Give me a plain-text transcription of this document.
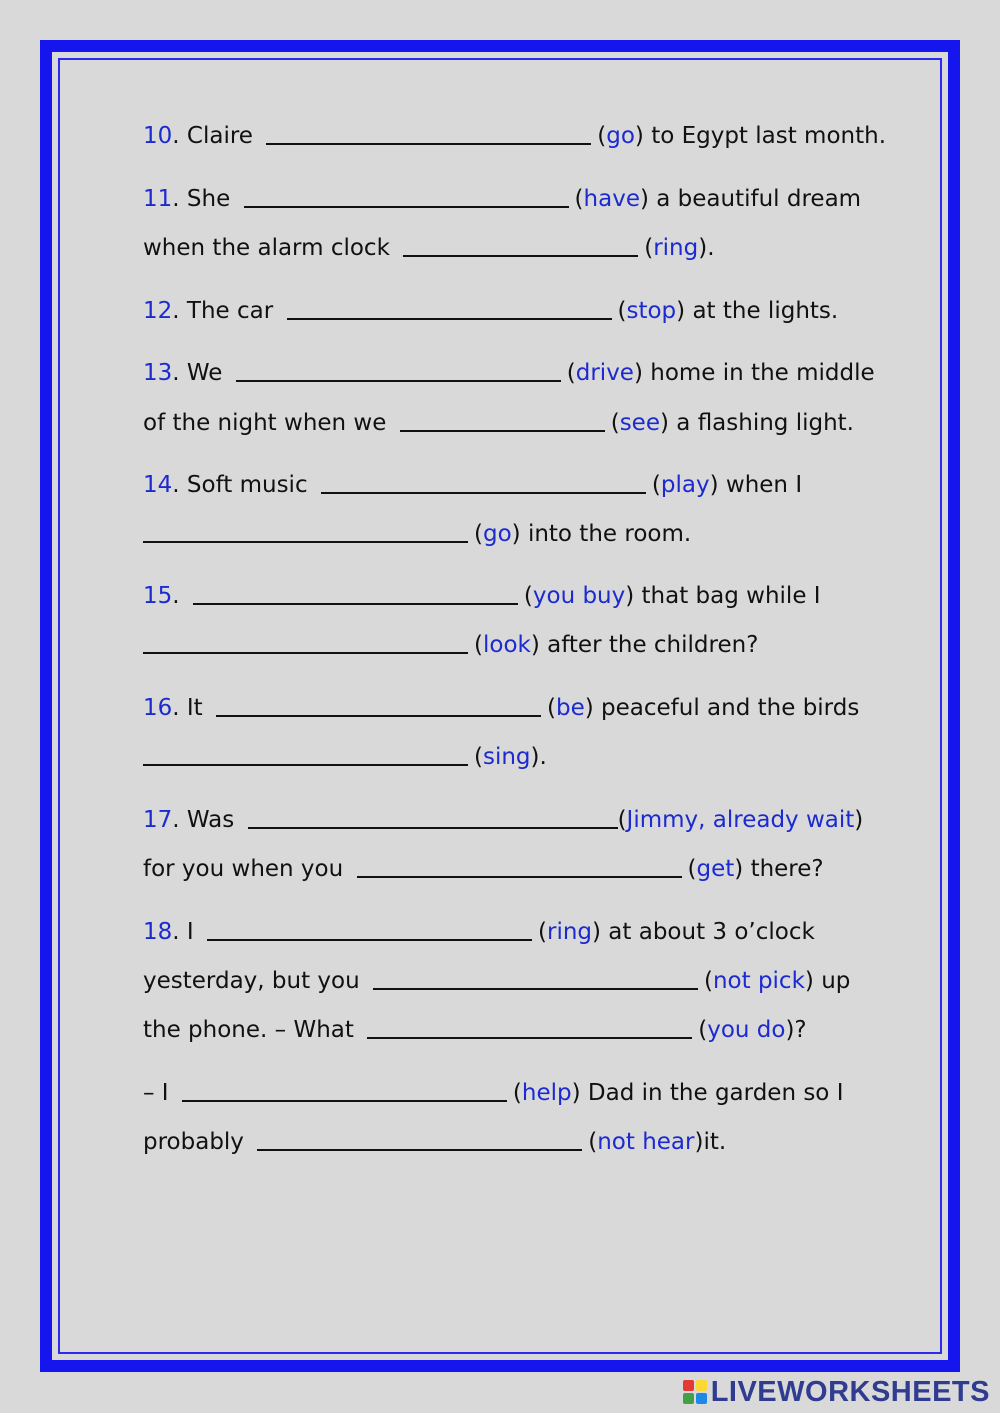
10. Claire	(go) to Egypt last month.
11. She	(have) a beautiful dream
when the alarm clock	(ring).
12. The car	(stop) at the lights.
13. We	(drive) home in the middle
of the night when we	(see) a flashing light.
14. Soft music	(play) when I
(go) into the room.
15.	(you buy) that bag while I
(look) after the children?
16. It	(be) peaceful and the birds
(sing).
17. Was	(Jimmy, already wait)
for you when you	(get) there?
18. I	(ring) at about 3 o’clock
yesterday, but you	(not pick) up
the phone. – What	(you do)?
– I	(help) Dad in the garden so I
probably	(not hear)it.
LIVEWORKSHEETS
